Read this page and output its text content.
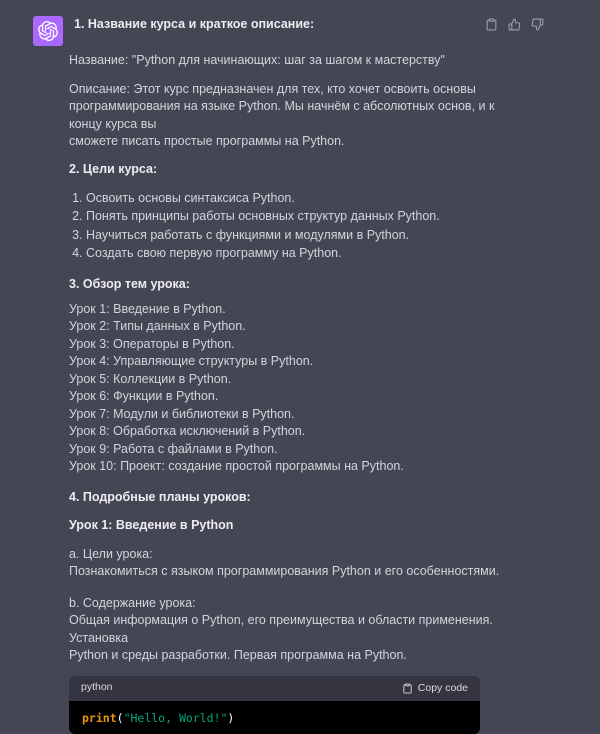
1. Название курса и краткое описание:

Название: "Python для начинающих: шаг за шагом к мастерству"

Описание: Этот курс предназначен для тех, кто хочет освоить основы
программирования на языке Python. Мы начнём с абсолютных основ, и к концу курса вы
сможете писать простые программы на Python.

2. Цели курса:

1. Освоить основы синтаксиса Python.
2. Понять принципы работы основных структур данных Python.
3. Научиться работать с функциями и модулями в Python.
4. Создать свою первую программу на Python.

3. Обзор тем урока:

Урок 1: Введение в Python.
Урок 2: Типы данных в Python.
Урок 3: Операторы в Python.
Урок 4: Управляющие структуры в Python.
Урок 5: Коллекции в Python.
Урок 6: Функции в Python.
Урок 7: Модули и библиотеки в Python.
Урок 8: Обработка исключений в Python.
Урок 9: Работа с файлами в Python.
Урок 10: Проект: создание простой программы на Python.

4. Подробные планы уроков:

Урок 1: Введение в Python

a. Цели урока:
Познакомиться с языком программирования Python и его особенностями.
b. Содержание урока:
Общая информация о Python, его преимущества и области применения. Установка
Python и среды разработки. Первая программа на Python.
python	Copy code
print("Hello, World!")
